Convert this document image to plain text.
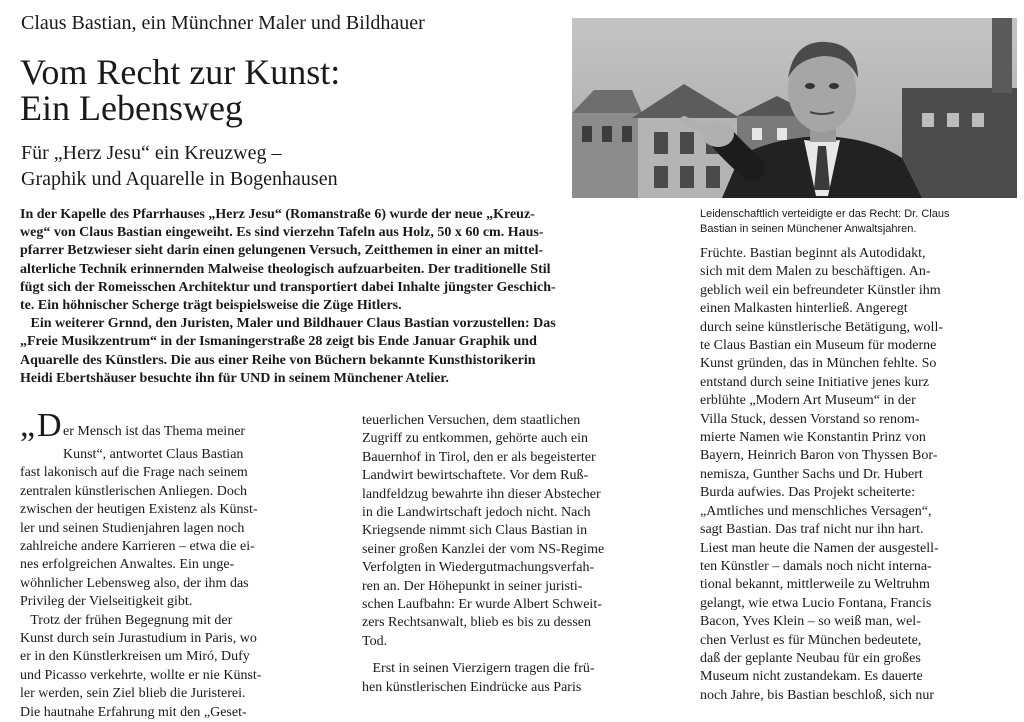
Claus Bastian, ein Münchner Maler und Bildhauer
Vom Recht zur Kunst:
Ein Lebensweg
Für „Herz Jesu“ ein Kreuzweg –
Graphik und Aquarelle in Bogenhausen

Leidenschaftlich verteidigte er das Recht: Dr. Claus
Bastian in seinen Münchener Anwaltsjahren.

In der Kapelle des Pfarrhauses „Herz Jesu“ (Romanstraße 6) wurde der neue „Kreuz-
weg“ von Claus Bastian eingeweiht. Es sind vierzehn Tafeln aus Holz, 50 x 60 cm. Haus-
pfarrer Betzwieser sieht darin einen gelungenen Versuch, Zeitthemen in einer an mittel-
alterliche Technik erinnernden Malweise theologisch aufzuarbeiten. Der traditionelle Stil
fügt sich der Romeisschen Architektur und transportiert dabei Inhalte jüngster Geschich-
te. Ein höhnischer Scherge trägt beispielsweise die Züge Hitlers.
Ein weiterer Grnnd, den Juristen, Maler und Bildhauer Claus Bastian vorzustellen: Das
„Freie Musikzentrum“ in der Ismaningerstraße 28 zeigt bis Ende Januar Graphik und
Aquarelle des Künstlers. Die aus einer Reihe von Büchern bekannte Kunsthistorikerin
Heidi Ebertshäuser besuchte ihn für UND in seinem Münchener Atelier.

„ D er Mensch ist das Thema meiner
Kunst“, antwortet Claus Bastian
fast lakonisch auf die Frage nach seinem
zentralen künstlerischen Anliegen. Doch
zwischen der heutigen Existenz als Künst-
ler und seinen Studienjahren lagen noch
zahlreiche andere Karrieren – etwa die ei-
nes erfolgreichen Anwaltes. Ein unge-
wöhnlicher Lebensweg also, der ihm das
Privileg der Vielseitigkeit gibt.
Trotz der frühen Begegnung mit der
Kunst durch sein Jurastudium in Paris, wo
er in den Künstlerkreisen um Miró, Dufy
und Picasso verkehrte, wollte er nie Künst-
ler werden, sein Ziel blieb die Juristerei.
Die hautnahe Erfahrung mit den „Geset-
teuerlichen Versuchen, dem staatlichen
Zugriff zu entkommen, gehörte auch ein
Bauernhof in Tirol, den er als begeisterter
Landwirt bewirtschaftete. Vor dem Ruß-
landfeldzug bewahrte ihn dieser Abstecher
in die Landwirtschaft jedoch nicht. Nach
Kriegsende nimmt sich Claus Bastian in
seiner großen Kanzlei der vom NS-Regime
Verfolgten in Wiedergutmachungsverfah-
ren an. Der Höhepunkt in seiner juristi-
schen Laufbahn: Er wurde Albert Schweit-
zers Rechtsanwalt, blieb es bis zu dessen
Tod.
Erst in seinen Vierzigern tragen die frü-
hen künstlerischen Eindrücke aus Paris
Früchte. Bastian beginnt als Autodidakt,
sich mit dem Malen zu beschäftigen. An-
geblich weil ein befreundeter Künstler ihm
einen Malkasten hinterließ. Angeregt
durch seine künstlerische Betätigung, woll-
te Claus Bastian ein Museum für moderne
Kunst gründen, das in München fehlte. So
entstand durch seine Initiative jenes kurz
erblühte „Modern Art Museum“ in der
Villa Stuck, dessen Vorstand so renom-
mierte Namen wie Konstantin Prinz von
Bayern, Heinrich Baron von Thyssen Bor-
nemisza, Gunther Sachs und Dr. Hubert
Burda aufwies. Das Projekt scheiterte:
„Amtliches und menschliches Versagen“,
sagt Bastian. Das traf nicht nur ihn hart.
Liest man heute die Namen der ausgestell-
ten Künstler – damals noch nicht interna-
tional bekannt, mittlerweile zu Weltruhm
gelangt, wie etwa Lucio Fontana, Francis
Bacon, Yves Klein – so weiß man, wel-
chen Verlust es für München bedeutete,
daß der geplante Neubau für ein großes
Museum nicht zustandekam. Es dauerte
noch Jahre, bis Bastian beschloß, sich nur
